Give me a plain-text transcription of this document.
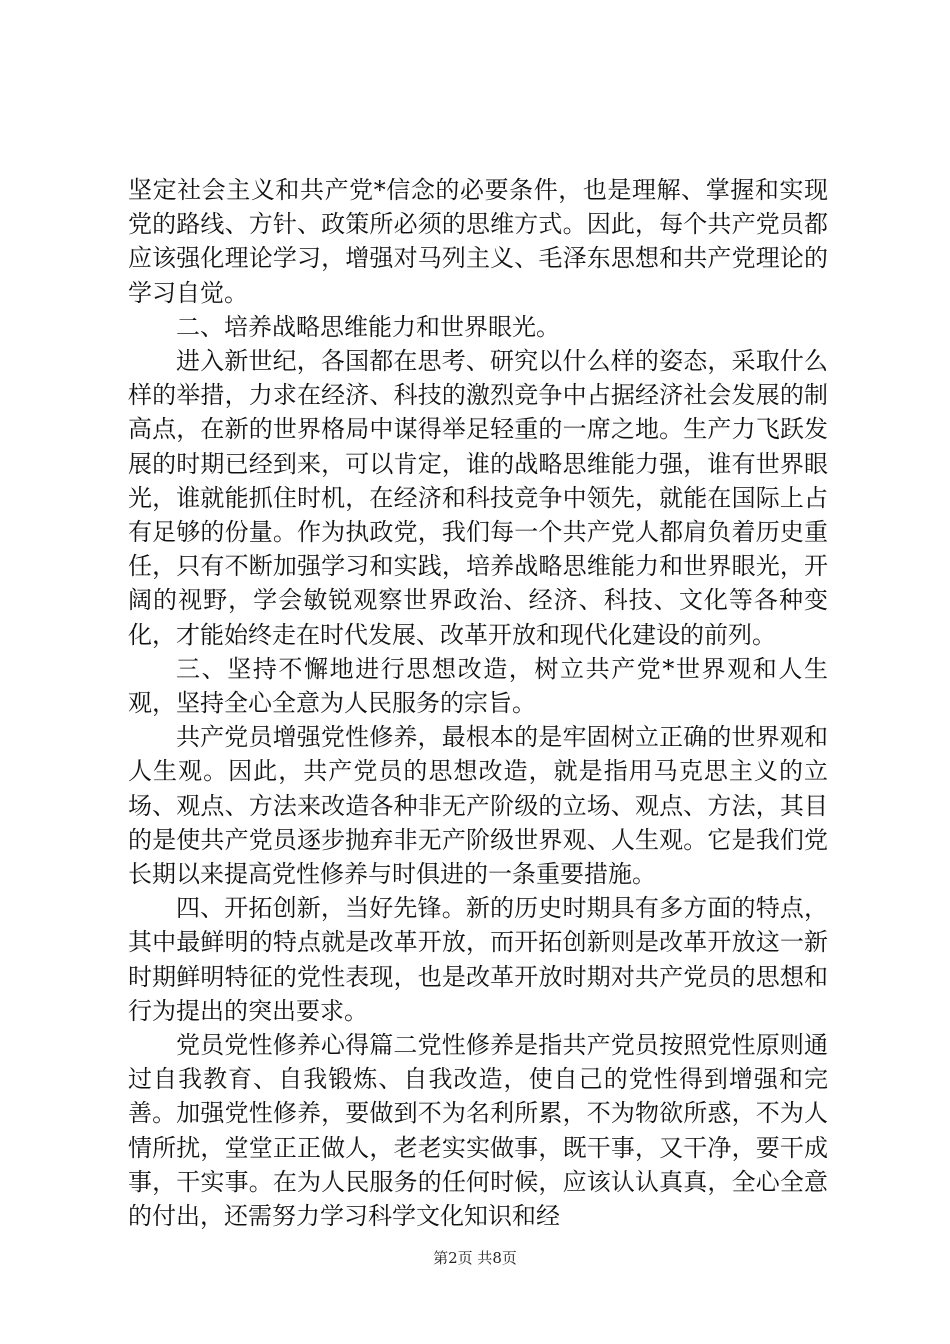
坚定社会主义和共产党*信念的必要条件，也是理解、掌握和实现党的路线、方针、政策所必须的思维方式。因此，每个共产党员都应该强化理论学习，增强对马列主义、毛泽东思想和共产党理论的学习自觉。

二、培养战略思维能力和世界眼光。

进入新世纪，各国都在思考、研究以什么样的姿态，采取什么样的举措，力求在经济、科技的激烈竞争中占据经济社会发展的制高点，在新的世界格局中谋得举足轻重的一席之地。生产力飞跃发展的时期已经到来，可以肯定，谁的战略思维能力强，谁有世界眼光，谁就能抓住时机，在经济和科技竞争中领先，就能在国际上占有足够的份量。作为执政党，我们每一个共产党人都肩负着历史重任，只有不断加强学习和实践，培养战略思维能力和世界眼光，开阔的视野，学会敏锐观察世界政治、经济、科技、文化等各种变化，才能始终走在时代发展、改革开放和现代化建设的前列。

三、坚持不懈地进行思想改造，树立共产党*世界观和人生观，坚持全心全意为人民服务的宗旨。

共产党员增强党性修养，最根本的是牢固树立正确的世界观和人生观。因此，共产党员的思想改造，就是指用马克思主义的立场、观点、方法来改造各种非无产阶级的立场、观点、方法，其目的是使共产党员逐步抛弃非无产阶级世界观、人生观。它是我们党长期以来提高党性修养与时俱进的一条重要措施。

四、开拓创新，当好先锋。新的历史时期具有多方面的特点，其中最鲜明的特点就是改革开放，而开拓创新则是改革开放这一新时期鲜明特征的党性表现，也是改革开放时期对共产党员的思想和行为提出的突出要求。

党员党性修养心得篇二党性修养是指共产党员按照党性原则通过自我教育、自我锻炼、自我改造，使自己的党性得到增强和完善。加强党性修养，要做到不为名利所累，不为物欲所惑，不为人情所扰，堂堂正正做人，老老实实做事，既干事，又干净，要干成事，干实事。在为人民服务的任何时候，应该认认真真，全心全意的付出，还需努力学习科学文化知识和经

第2页 共8页
